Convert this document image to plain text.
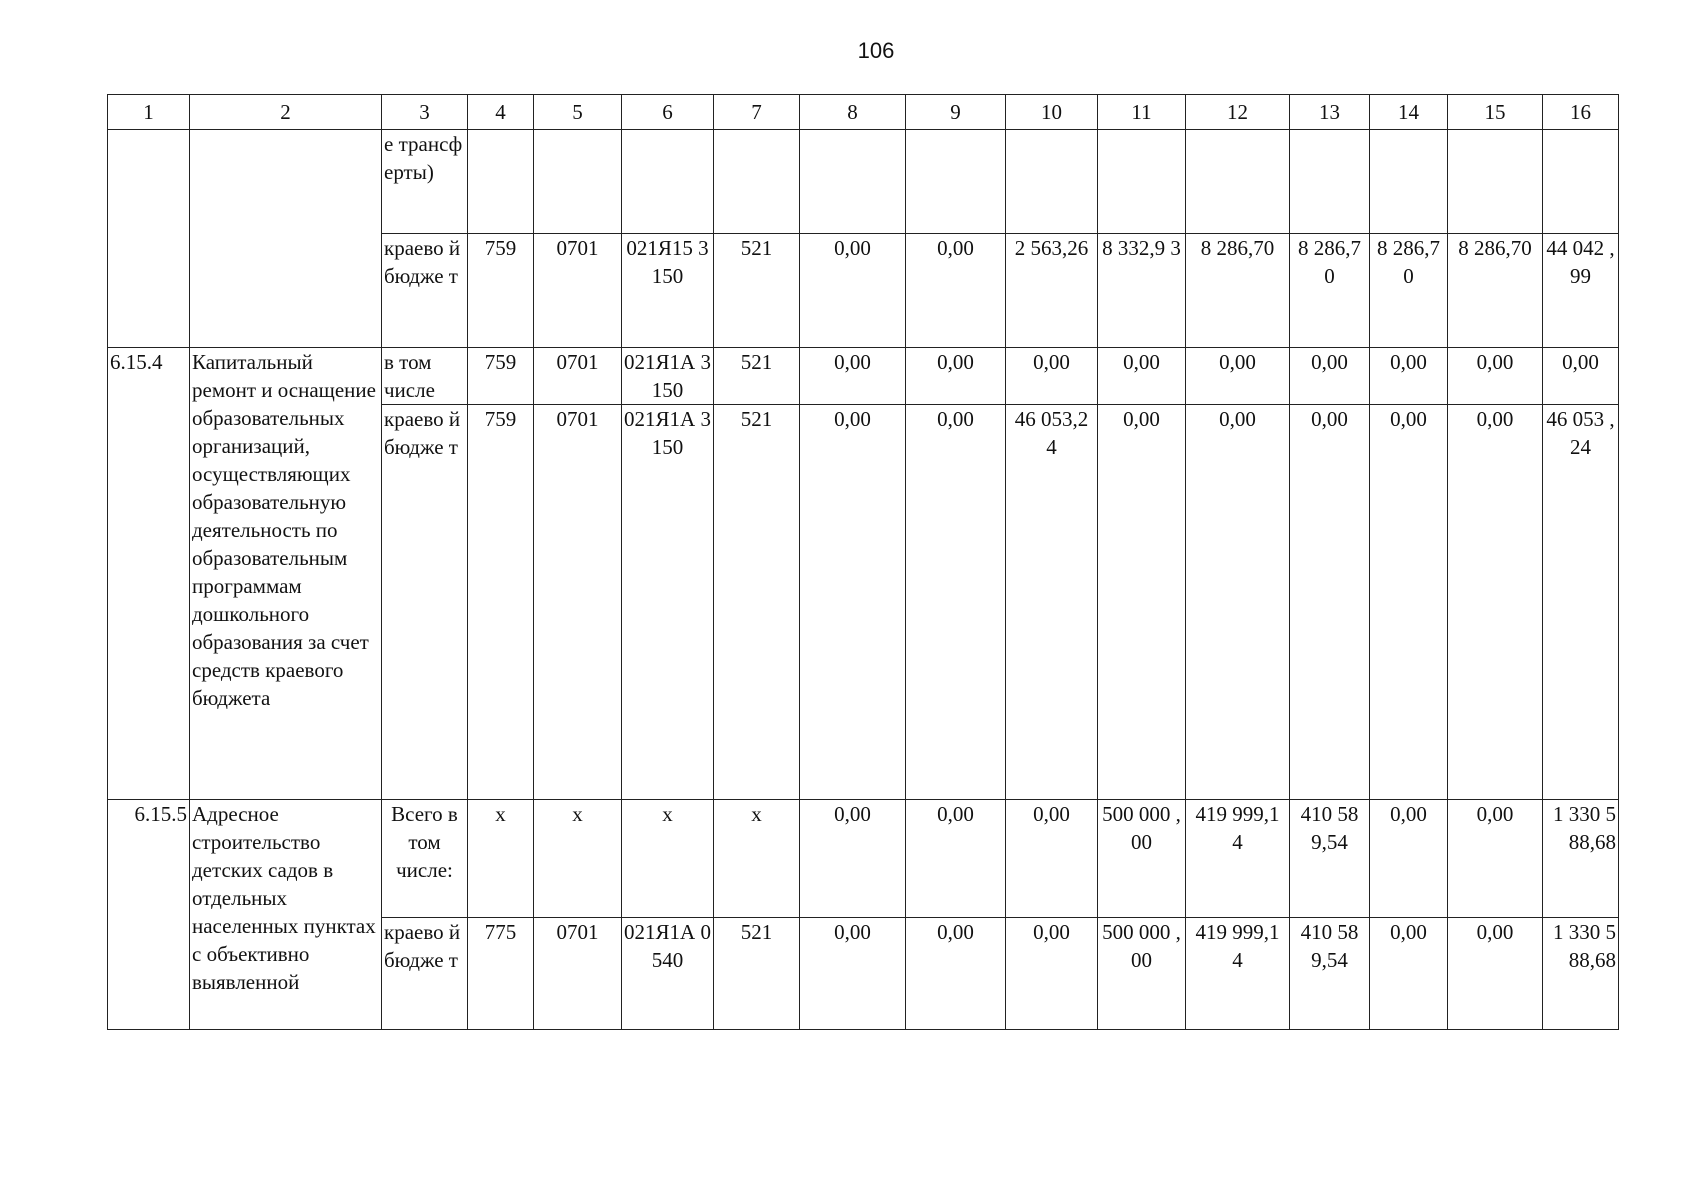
106
1	2	3	4	5	6	7	8	9	10	11	12	13	14	15	16
		е трансф ерты)													
		краево й бюдже т	759	0701	021Я15 3150	521	0,00	0,00	2 563,26	8 332,9 3	8 286,70	8 286,7 0	8 286,7 0	8 286,70	44 042 ,99
6.15.4	Капитальный ремонт и оснащение образовательных организаций, осуществляющих образовательную деятельность по образовательным программам дошкольного образования за счет средств краевого бюджета	в том числе	759	0701	021Я1А 3150	521	0,00	0,00	0,00	0,00	0,00	0,00	0,00	0,00	0,00
		краево й бюдже т	759	0701	021Я1А 3150	521	0,00	0,00	46 053,2 4	0,00	0,00	0,00	0,00	0,00	46 053 ,24
6.15.5	Адресное строительство детских садов в отдельных населенных пунктах с объективно выявленной	Всего в том числе:	x	x	x	x	0,00	0,00	0,00	500 000 ,00	419 999,1 4	410 58 9,54	0,00	0,00	1 330 588,68
		краево й бюдже т	775	0701	021Я1А 0540	521	0,00	0,00	0,00	500 000 ,00	419 999,1 4	410 58 9,54	0,00	0,00	1 330 588,68
